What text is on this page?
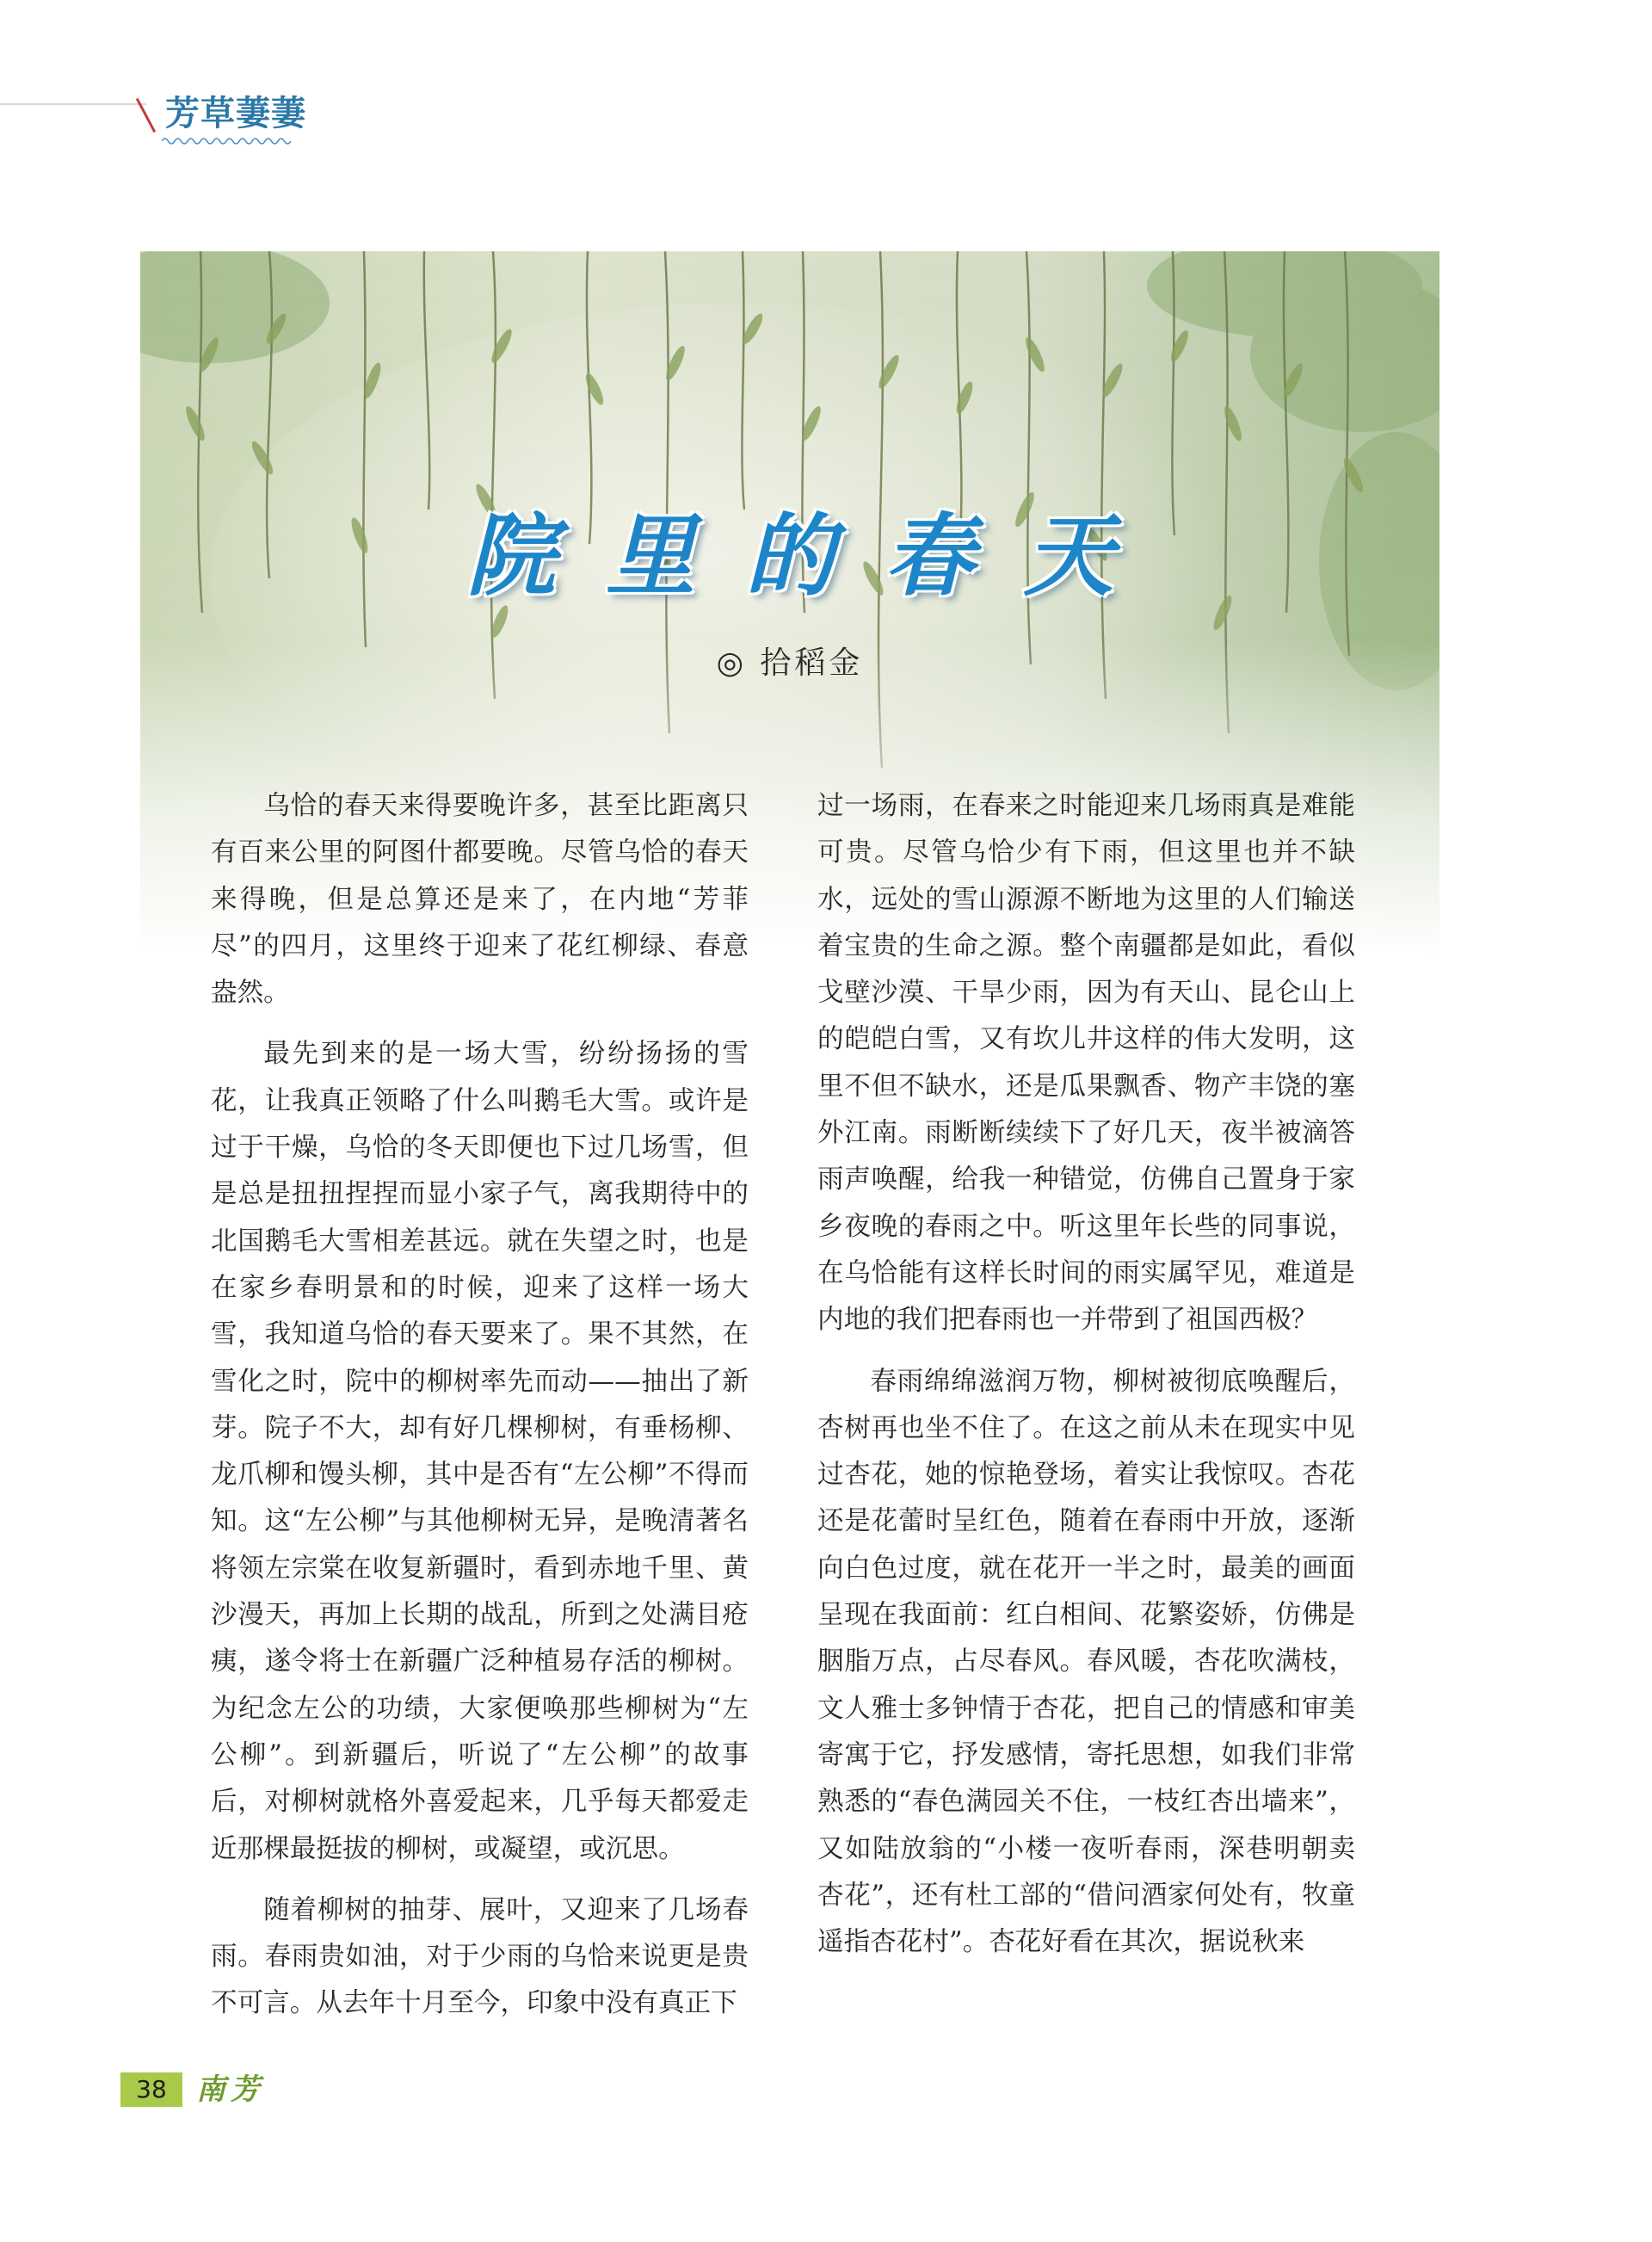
芳草萋萋
院里的春天
◎ 拾稻金

乌恰的春天来得要晚许多，甚至比距离只有百来公里的阿图什都要晚。尽管乌恰的春天来得晚，但是总算还是来了，在内地“芳菲尽”的四月，这里终于迎来了花红柳绿、春意盎然。

最先到来的是一场大雪，纷纷扬扬的雪花，让我真正领略了什么叫鹅毛大雪。或许是过于干燥，乌恰的冬天即便也下过几场雪，但是总是扭扭捏捏而显小家子气，离我期待中的北国鹅毛大雪相差甚远。就在失望之时，也是在家乡春明景和的时候，迎来了这样一场大雪，我知道乌恰的春天要来了。果不其然，在雪化之时，院中的柳树率先而动——抽出了新芽。院子不大，却有好几棵柳树，有垂杨柳、龙爪柳和馒头柳，其中是否有“左公柳”不得而知。这“左公柳”与其他柳树无异，是晚清著名将领左宗棠在收复新疆时，看到赤地千里、黄沙漫天，再加上长期的战乱，所到之处满目疮痍，遂令将士在新疆广泛种植易存活的柳树。为纪念左公的功绩，大家便唤那些柳树为“左公柳”。到新疆后，听说了“左公柳”的故事后，对柳树就格外喜爱起来，几乎每天都爱走近那棵最挺拔的柳树，或凝望，或沉思。

随着柳树的抽芽、展叶，又迎来了几场春雨。春雨贵如油，对于少雨的乌恰来说更是贵不可言。从去年十月至今，印象中没有真正下

过一场雨，在春来之时能迎来几场雨真是难能可贵。尽管乌恰少有下雨，但这里也并不缺水，远处的雪山源源不断地为这里的人们输送着宝贵的生命之源。整个南疆都是如此，看似戈壁沙漠、干旱少雨，因为有天山、昆仑山上的皑皑白雪，又有坎儿井这样的伟大发明，这里不但不缺水，还是瓜果飘香、物产丰饶的塞外江南。雨断断续续下了好几天，夜半被滴答雨声唤醒，给我一种错觉，仿佛自己置身于家乡夜晚的春雨之中。听这里年长些的同事说，在乌恰能有这样长时间的雨实属罕见，难道是内地的我们把春雨也一并带到了祖国西极？

春雨绵绵滋润万物，柳树被彻底唤醒后，杏树再也坐不住了。在这之前从未在现实中见过杏花，她的惊艳登场，着实让我惊叹。杏花还是花蕾时呈红色，随着在春雨中开放，逐渐向白色过度，就在花开一半之时，最美的画面呈现在我面前：红白相间、花繁姿娇，仿佛是胭脂万点，占尽春风。春风暖，杏花吹满枝，文人雅士多钟情于杏花，把自己的情感和审美寄寓于它，抒发感情，寄托思想，如我们非常熟悉的“春色满园关不住，一枝红杏出墙来”，又如陆放翁的“小楼一夜听春雨，深巷明朝卖杏花”，还有杜工部的“借问酒家何处有，牧童遥指杏花村”。杏花好看在其次，据说秋来

38	南芳
